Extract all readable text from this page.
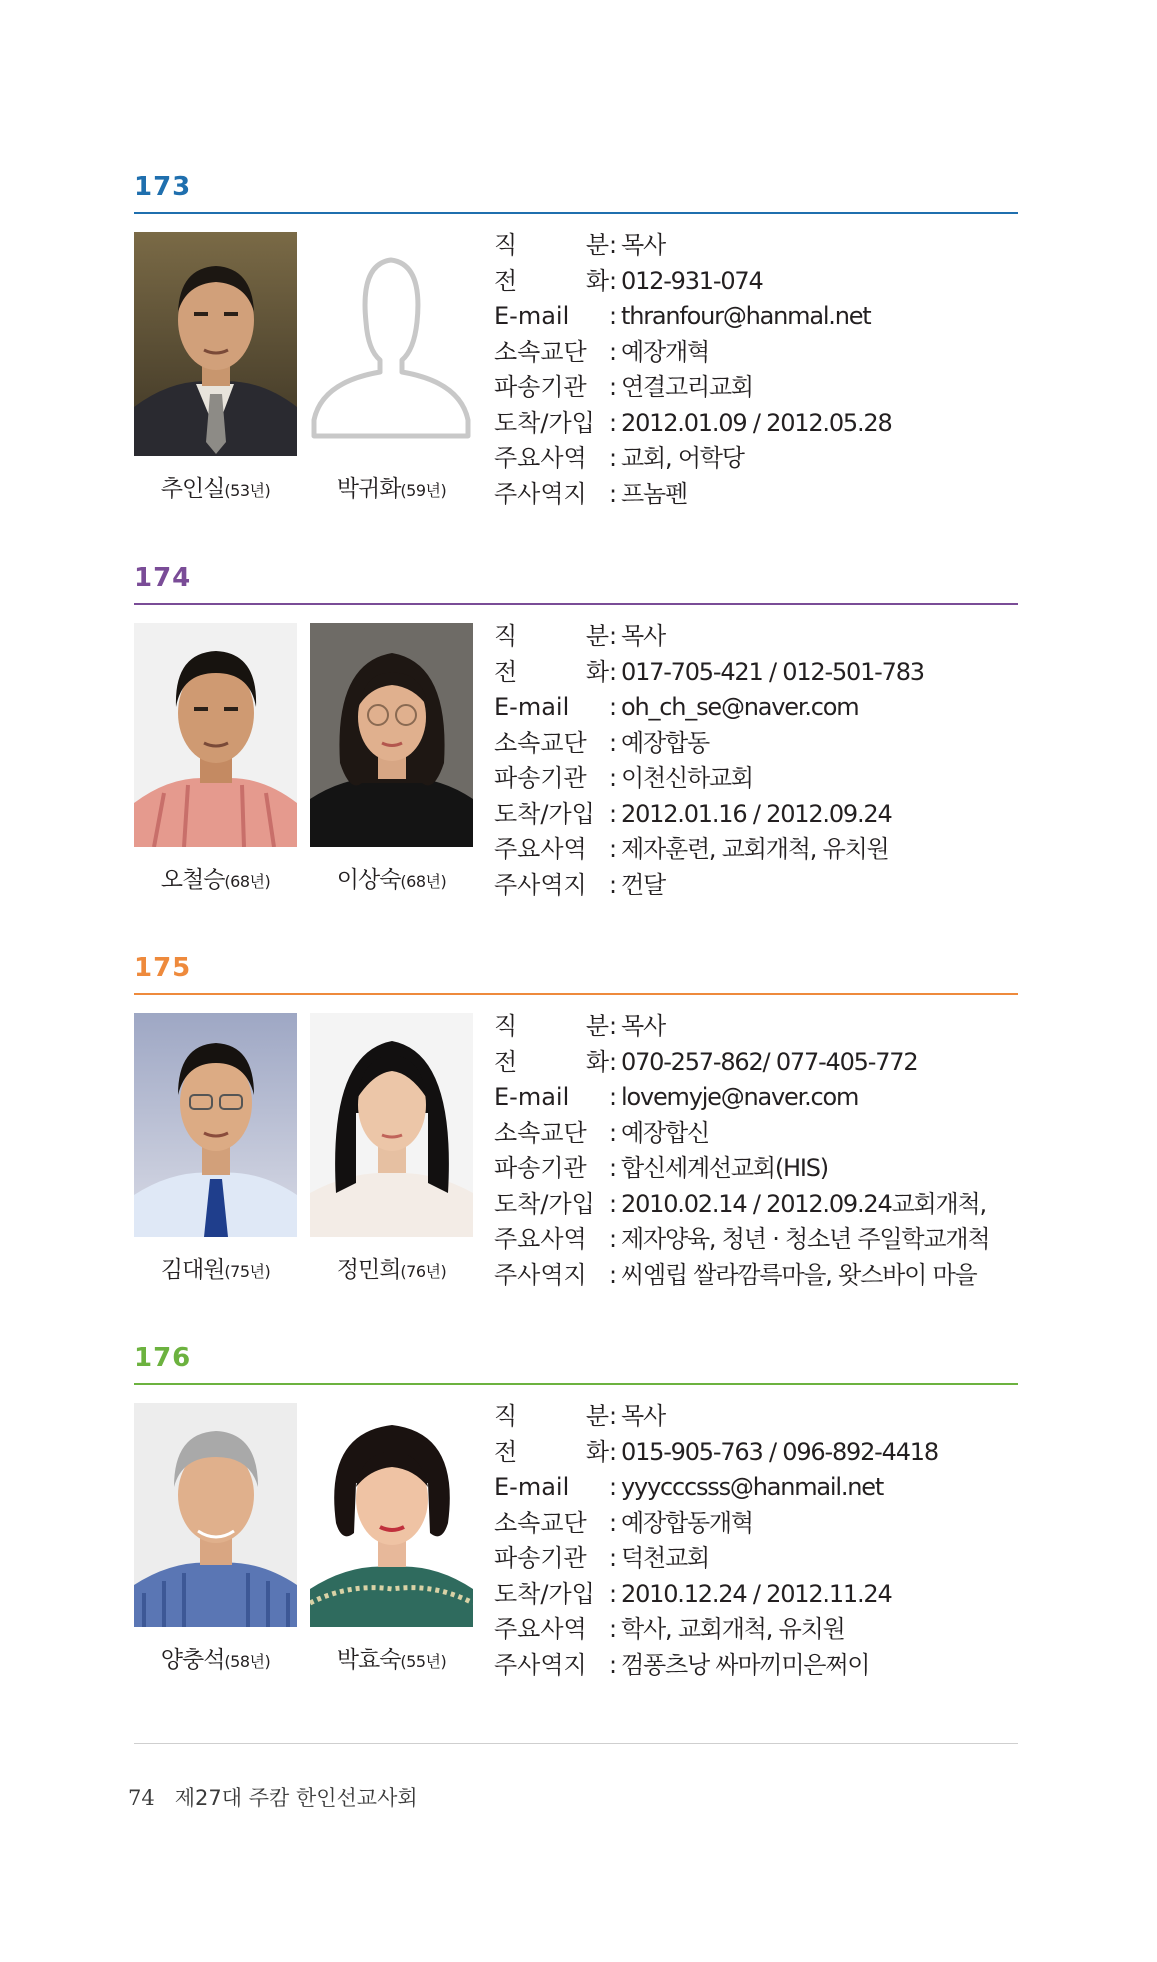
173
추인실(53년)	박귀화(59년)
직 분: 목사
전 화: 012-931-074
E-mail : thranfour@hanmal.net
소속교단 : 예장개혁
파송기관 : 연결고리교회
도착/가입 : 2012.01.09 / 2012.05.28
주요사역 : 교회, 어학당
주사역지 : 프놈펜
174
오철승(68년)	이상숙(68년)
직 분: 목사
전 화: 017-705-421 / 012-501-783
E-mail : oh_ch_se@naver.com
소속교단 : 예장합동
파송기관 : 이천신하교회
도착/가입 : 2012.01.16 / 2012.09.24
주요사역 : 제자훈련, 교회개척, 유치원
주사역지 : 껀달
175
김대원(75년)	정민희(76년)
직 분: 목사
전 화: 070-257-862/ 077-405-772
E-mail : lovemyje@naver.com
소속교단 : 예장합신
파송기관 : 합신세계선교회(HIS)
도착/가입 : 2010.02.14 / 2012.09.24교회개척,
주요사역 : 제자양육, 청년 · 청소년 주일학교개척
주사역지 : 씨엠립 쌀라깜륵마을, 왓스바이 마을
176
양충석(58년)	박효숙(55년)
직 분: 목사
전 화: 015-905-763 / 096-892-4418
E-mail : yyycccsss@hanmail.net
소속교단 : 예장합동개혁
파송기관 : 덕천교회
도착/가입 : 2010.12.24 / 2012.11.24
주요사역 : 학사, 교회개척, 유치원
주사역지 : 껌퐁츠낭 싸마끼미은쩌이
74 제27대 주캄 한인선교사회
